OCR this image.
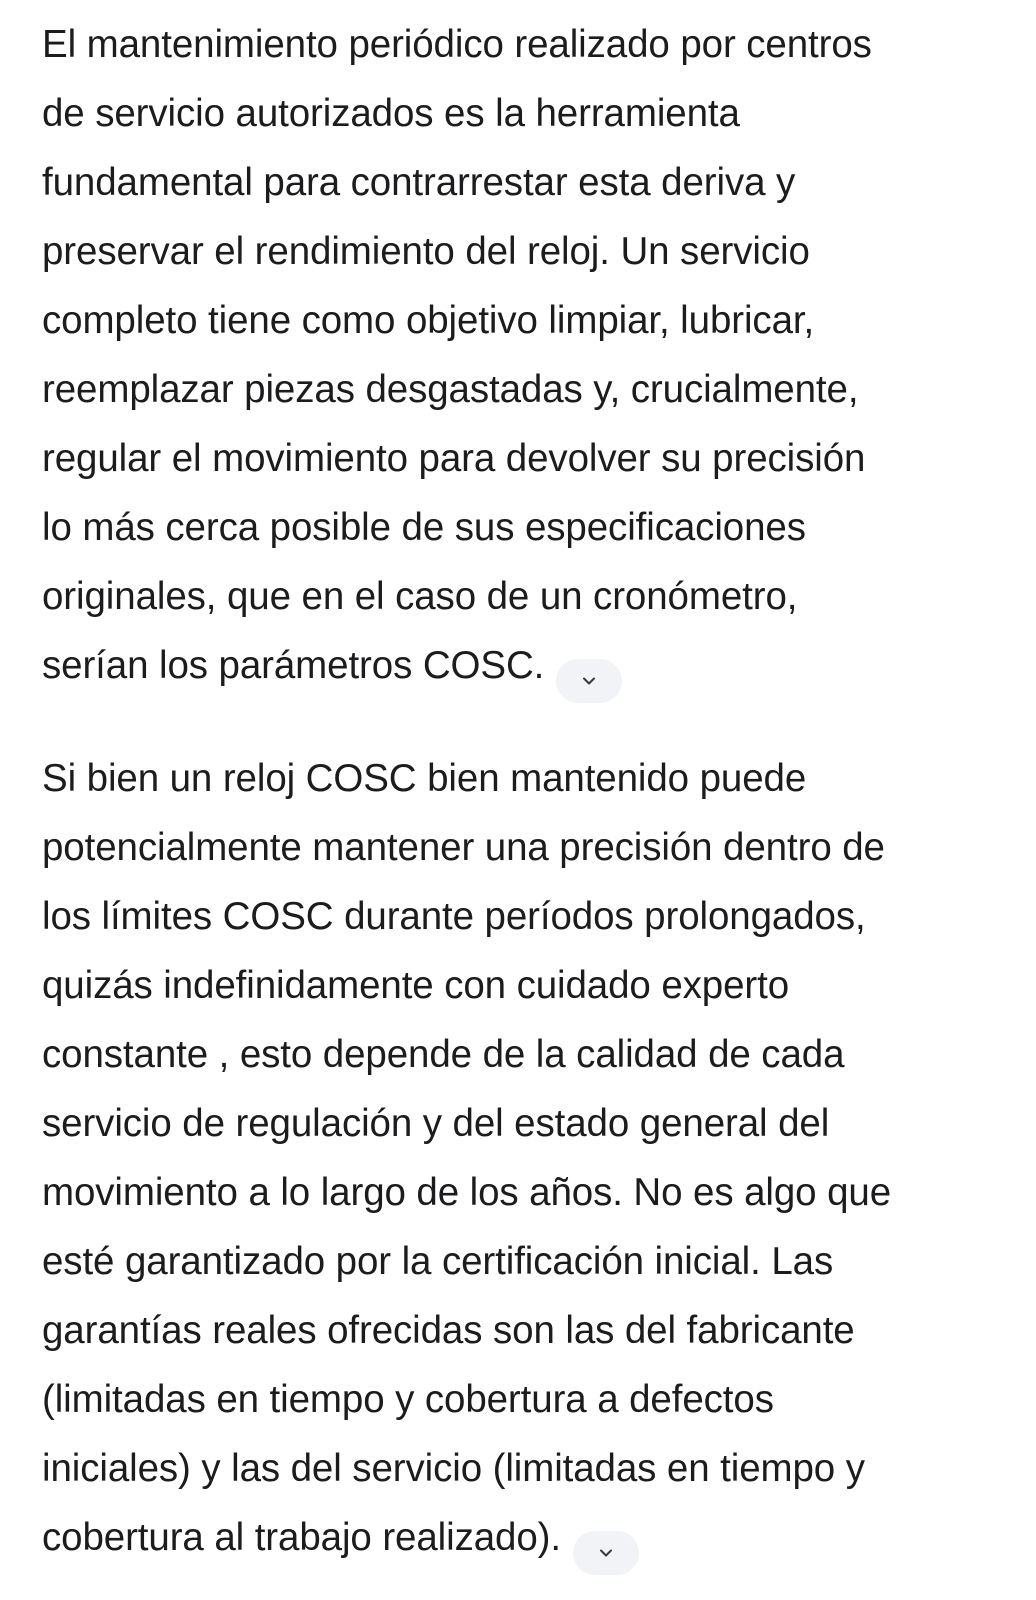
El mantenimiento periódico realizado por centros
de servicio autorizados es la herramienta
fundamental para contrarrestar esta deriva y
preservar el rendimiento del reloj. Un servicio
completo tiene como objetivo limpiar, lubricar,
reemplazar piezas desgastadas y, crucialmente,
regular el movimiento para devolver su precisión
lo más cerca posible de sus especificaciones
originales, que en el caso de un cronómetro,
serían los parámetros COSC.

Si bien un reloj COSC bien mantenido puede
potencialmente mantener una precisión dentro de
los límites COSC durante períodos prolongados,
quizás indefinidamente con cuidado experto
constante , esto depende de la calidad de cada
servicio de regulación y del estado general del
movimiento a lo largo de los años. No es algo que
esté garantizado por la certificación inicial. Las
garantías reales ofrecidas son las del fabricante
(limitadas en tiempo y cobertura a defectos
iniciales) y las del servicio (limitadas en tiempo y
cobertura al trabajo realizado).
